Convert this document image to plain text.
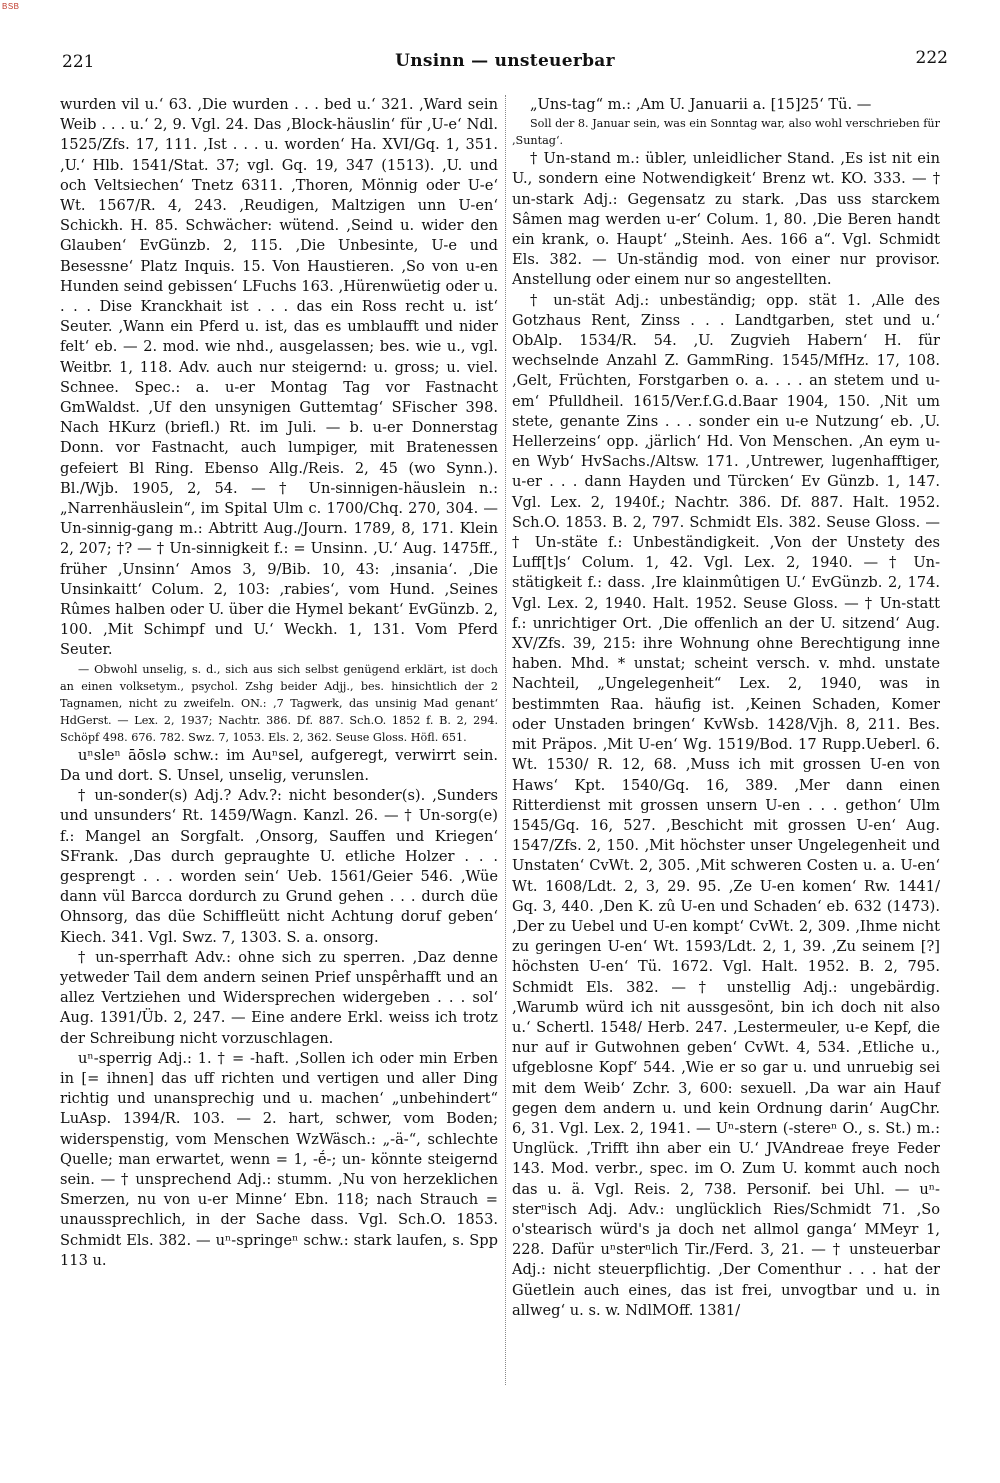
BSB
221	Unsinn — unsteuerbar	222

wurden vil u.‘ 63. ‚Die wurden . . . bed u.‘ 321. ‚Ward sein Weib . . . u.‘ 2, 9. Vgl. 24. Das ‚Block-häuslin‘ für ‚U-e‘ Ndl. 1525/Zfs. 17, 111. ‚Ist . . . u. worden‘ Ha. XVI/Gq. 1, 351. ‚U.‘ Hlb. 1541/Stat. 37; vgl. Gq. 19, 347 (1513). ‚U. und och Veltsiechen‘ Tnetz 6311. ‚Thoren, Mönnig oder U-e‘ Wt. 1567/R. 4, 243. ‚Reudigen, Maltzigen unn U-en‘ Schickh. H. 85. Schwächer: wütend. ‚Seind u. wider den Glauben‘ EvGünzb. 2, 115. ‚Die Unbesinte, U-e und Besessne‘ Platz Inquis. 15. Von Haustieren. ‚So von u-en Hunden seind gebissen‘ LFuchs 163. ‚Hürenwüetig oder u. . . . Dise Kranckhait ist . . . das ein Ross recht u. ist‘ Seuter. ‚Wann ein Pferd u. ist, das es umblaufft und nider felt‘ eb. — 2. mod. wie nhd., ausgelassen; bes. wie u., vgl. Weitbr. 1, 118. Adv. auch nur steigernd: u. gross; u. viel. Schnee. Spec.: a. u-er Montag Tag vor Fastnacht GmWaldst. ‚Uf den unsynigen Guttemtag‘ SFischer 398. Nach HKurz (briefl.) Rt. im Juli. — b. u-er Donnerstag Donn. vor Fastnacht, auch lumpiger, mit Bratenessen gefeiert Bl Ring. Ebenso Allg./Reis. 2, 45 (wo Synn.). Bl./Wjb. 1905, 2, 54. — † Un-sinnigen-häuslein n.: „Narrenhäuslein“, im Spital Ulm c. 1700/Chq. 270, 304. — Un-sinnig-gang m.: Abtritt Aug./Journ. 1789, 8, 171. Klein 2, 207; †? — † Un-sinnigkeit f.: = Unsinn. ‚U.‘ Aug. 1475ff., früher ‚Unsinn‘ Amos 3, 9/Bib. 10, 43: ‚insania‘. ‚Die Unsinkaitt‘ Colum. 2, 103: ‚rabies‘, vom Hund. ‚Seines Rûmes halben oder U. über die Hymel bekant‘ EvGünzb. 2, 100. ‚Mit Schimpf und U.‘ Weckh. 1, 131. Vom Pferd Seuter.

— Obwohl unselig, s. d., sich aus sich selbst genügend erklärt, ist doch an einen volksetym., psychol. Zshg beider Adjj., bes. hinsichtlich der 2 Tagnamen, nicht zu zweifeln. ON.: ‚7 Tagwerk, das unsinig Mad genant‘ HdGerst. — Lex. 2, 1937; Nachtr. 386. Df. 887. Sch.O. 1852 f. B. 2, 294. Schöpf 498. 676. 782. Swz. 7, 1053. Els. 2, 362. Seuse Gloss. Höfl. 651.

uⁿsleⁿ āōslə schw.: im Auⁿsel, aufgeregt, verwirrt sein. Da und dort. S. Unsel, unselig, verunslen.

† un-sonder(s) Adj.? Adv.?: nicht besonder(s). ‚Sunders und unsunders‘ Rt. 1459/Wagn. Kanzl. 26. — † Un-sorg(e) f.: Mangel an Sorgfalt. ‚Onsorg, Sauffen und Kriegen‘ SFrank. ‚Das durch gepraughte U. etliche Holzer . . . gesprengt . . . worden sein‘ Ueb. 1561/Geier 546. ‚Wüe dann vül Barcca dordurch zu Grund gehen . . . durch düe Ohnsorg, das düe Schiffleütt nicht Achtung doruf geben‘ Kiech. 341. Vgl. Swz. 7, 1303. S. a. onsorg.

† un-sperrhaft Adv.: ohne sich zu sperren. ‚Daz denne yetweder Tail dem andern seinen Prief unspêrhafft und an allez Vertziehen und Widersprechen widergeben . . . sol‘ Aug. 1391/Üb. 2, 247. — Eine andere Erkl. weiss ich trotz der Schreibung nicht vorzuschlagen.

uⁿ-sperrig Adj.: 1. † = -haft. ‚Sollen ich oder min Erben in [= ihnen] das uff richten und vertigen und aller Ding richtig und unansprechig und u. machen‘ „unbehindert“ LuAsp. 1394/R. 103. — 2. hart, schwer, vom Boden; widerspenstig, vom Menschen WzWäsch.: „-ä-“, schlechte Quelle; man erwartet, wenn = 1, -ḗ-; un- könnte steigernd sein. — † unsprechend Adj.: stumm. ‚Nu von herzeklichen Smerzen, nu von u-er Minne‘ Ebn. 118; nach Strauch = unaussprechlich, in der Sache dass. Vgl. Sch.O. 1853. Schmidt Els. 382. — uⁿ-springeⁿ schw.: stark laufen, s. Spp 113 u.

„Uns-tag“ m.: ‚Am U. Januarii a. [15]25‘ Tü. —

Soll der 8. Januar sein, was ein Sonntag war, also wohl verschrieben für ‚Suntag‘.

† Un-stand m.: übler, unleidlicher Stand. ‚Es ist nit ein U., sondern eine Notwendigkeit‘ Brenz wt. KO. 333. — † un-stark Adj.: Gegensatz zu stark. ‚Das uss starckem Sâmen mag werden u-er‘ Colum. 1, 80. ‚Die Beren handt ein krank, o. Haupt‘ „Steinh. Aes. 166 a“. Vgl. Schmidt Els. 382. — Un-ständig mod. von einer nur provisor. Anstellung oder einem nur so angestellten.

† un-stät Adj.: unbeständig; opp. stät 1. ‚Alle des Gotzhaus Rent, Zinss . . . Landtgarben, stet und u.‘ ObAlp. 1534/R. 54. ‚U. Zugvieh Habern‘ H. für wechselnde Anzahl Z. GammRing. 1545/MfHz. 17, 108. ‚Gelt, Früchten, Forstgarben o. a. . . . an stetem und u-em‘ Pfulldheil. 1615/Ver.f.G.d.Baar 1904, 150. ‚Nit um stete, genante Zins . . . sonder ein u-e Nutzung‘ eb. ‚U. Hellerzeins‘ opp. ‚järlich‘ Hd. Von Menschen. ‚An eym u-en Wyb‘ HvSachs./Altsw. 171. ‚Untrewer, lugenhafftiger, u-er . . . dann Hayden und Türcken‘ Ev Günzb. 1, 147. Vgl. Lex. 2, 1940f.; Nachtr. 386. Df. 887. Halt. 1952. Sch.O. 1853. B. 2, 797. Schmidt Els. 382. Seuse Gloss. — † Un-stäte f.: Unbeständigkeit. ‚Von der Unstety des Luff[t]s‘ Colum. 1, 42. Vgl. Lex. 2, 1940. — † Un-stätigkeit f.: dass. ‚Ire klainmûtigen U.‘ EvGünzb. 2, 174. Vgl. Lex. 2, 1940. Halt. 1952. Seuse Gloss. — † Un-statt f.: unrichtiger Ort. ‚Die offenlich an der U. sitzend‘ Aug. XV/Zfs. 39, 215: ihre Wohnung ohne Berechtigung inne haben. Mhd. * unstat; scheint versch. v. mhd. unstate Nachteil, „Ungelegenheit“ Lex. 2, 1940, was in bestimmten Raa. häufig ist. ‚Keinen Schaden, Komer oder Unstaden bringen‘ KvWsb. 1428/Vjh. 8, 211. Bes. mit Präpos. ‚Mit U-en‘ Wg. 1519/Bod. 17 Rupp.Ueberl. 6. Wt. 1530/ R. 12, 68. ‚Muss ich mit grossen U-en von Haws‘ Kpt. 1540/Gq. 16, 389. ‚Mer dann einen Ritterdienst mit grossen unsern U-en . . . gethon‘ Ulm 1545/Gq. 16, 527. ‚Beschicht mit grossen U-en‘ Aug. 1547/Zfs. 2, 150. ‚Mit höchster unser Ungelegenheit und Unstaten‘ CvWt. 2, 305. ‚Mit schweren Costen u. a. U-en‘ Wt. 1608/Ldt. 2, 3, 29. 95. ‚Ze U-en komen‘ Rw. 1441/ Gq. 3, 440. ‚Den K. zû U-en und Schaden‘ eb. 632 (1473). ‚Der zu Uebel und U-en kompt‘ CvWt. 2, 309. ‚Ihme nicht zu geringen U-en‘ Wt. 1593/Ldt. 2, 1, 39. ‚Zu seinem [?] höchsten U-en‘ Tü. 1672. Vgl. Halt. 1952. B. 2, 795. Schmidt Els. 382. — † unstellig Adj.: ungebärdig. ‚Warumb würd ich nit aussgesönt, bin ich doch nit also u.‘ Schertl. 1548/ Herb. 247. ‚Lestermeuler, u-e Kepf, die nur auf ir Gutwohnen geben‘ CvWt. 4, 534. ‚Etliche u., ufgeblosne Kopf‘ 544. ‚Wie er so gar u. und unruebig sei mit dem Weib‘ Zchr. 3, 600: sexuell. ‚Da war ain Hauf gegen dem andern u. und kein Ordnung darin‘ AugChr. 6, 31. Vgl. Lex. 2, 1941. — Uⁿ-stern (-stereⁿ O., s. St.) m.: Unglück. ‚Trifft ihn aber ein U.‘ JVAndreae freye Feder 143. Mod. verbr., spec. im O. Zum U. kommt auch noch das u. ä. Vgl. Reis. 2, 738. Personif. bei Uhl. — uⁿ-sterⁿisch Adj. Adv.: unglücklich Ries/Schmidt 71. ‚So o'stearisch würd's ja doch net allmol ganga‘ MMeyr 1, 228. Dafür uⁿsterⁿlich Tir./Ferd. 3, 21. — † unsteuerbar Adj.: nicht steuerpflichtig. ‚Der Comenthur . . . hat der Güetlein auch eines, das ist frei, unvogtbar und u. in allweg‘ u. s. w. NdlMOff. 1381/
